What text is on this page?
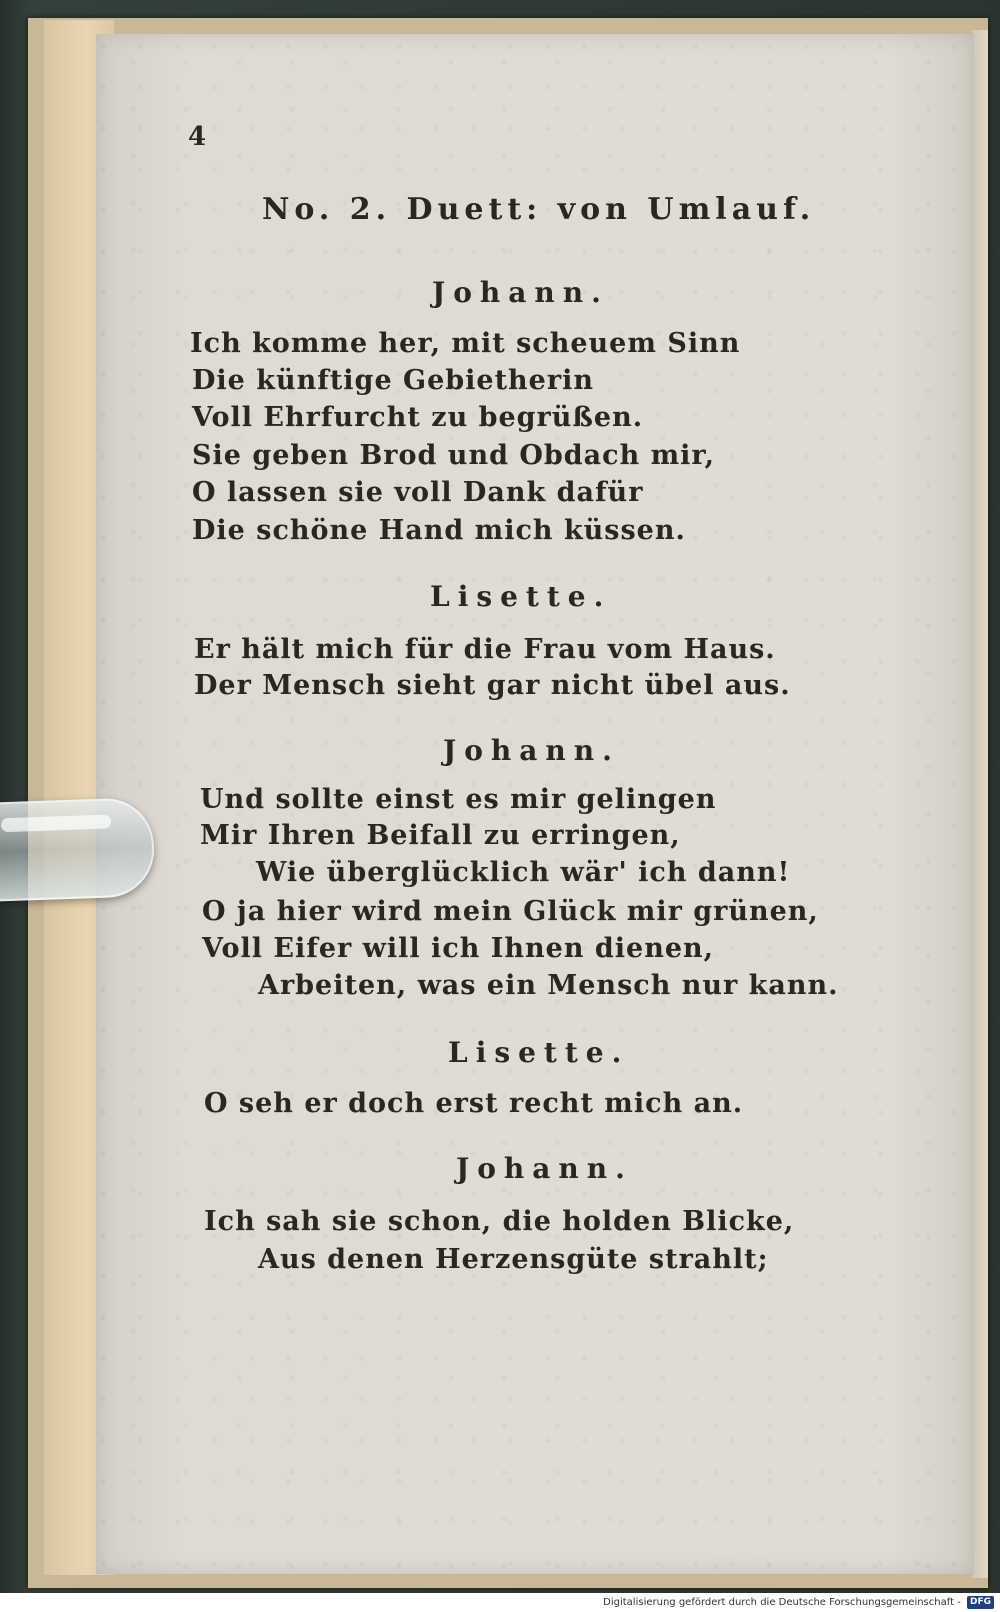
4
No. 2. Duett: von Umlauf.
Johann.
Ich komme her, mit scheuem Sinn
Die künftige Gebietherin
Voll Ehrfurcht zu begrüßen.
Sie geben Brod und Obdach mir,
O lassen sie voll Dank dafür
Die schöne Hand mich küssen.
Lisette.
Er hält mich für die Frau vom Haus.
Der Mensch sieht gar nicht übel aus.
Johann.
Und sollte einst es mir gelingen
Mir Ihren Beifall zu erringen,
Wie überglücklich wär' ich dann!
O ja hier wird mein Glück mir grünen,
Voll Eifer will ich Ihnen dienen,
Arbeiten, was ein Mensch nur kann.
Lisette.
O seh er doch erst recht mich an.
Johann.
Ich sah sie schon, die holden Blicke,
Aus denen Herzensgüte strahlt;
Digitalisierung gefördert durch die Deutsche Forschungsgemeinschaft - DFG
